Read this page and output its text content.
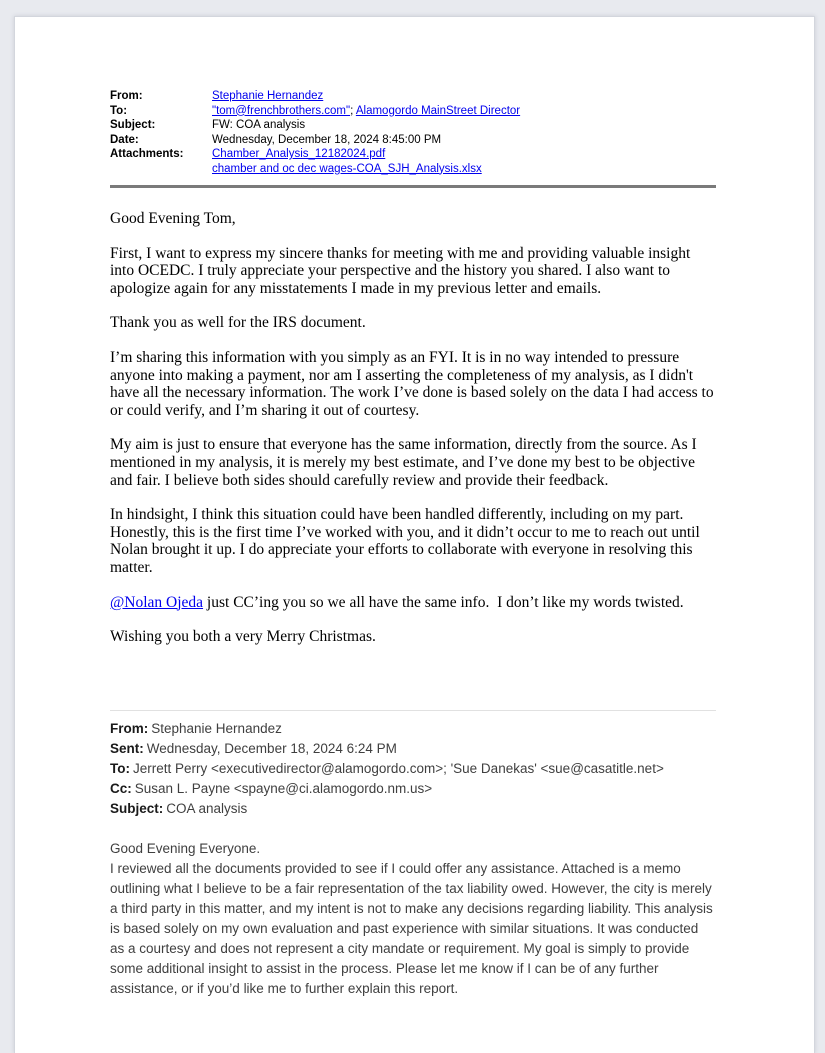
From:	Stephanie Hernandez
To:	"tom@frenchbrothers.com"; Alamogordo MainStreet Director
Subject:	FW: COA analysis
Date:	Wednesday, December 18, 2024 8:45:00 PM
Attachments:	Chamber_Analysis_12182024.pdf
chamber and oc dec wages-COA_SJH_Analysis.xlsx

Good Evening Tom,

First, I want to express my sincere thanks for meeting with me and providing valuable insight into OCEDC. I truly appreciate your perspective and the history you shared. I also want to apologize again for any misstatements I made in my previous letter and emails.

Thank you as well for the IRS document.

I’m sharing this information with you simply as an FYI. It is in no way intended to pressure anyone into making a payment, nor am I asserting the completeness of my analysis, as I didn't have all the necessary information. The work I’ve done is based solely on the data I had access to or could verify, and I’m sharing it out of courtesy.

My aim is just to ensure that everyone has the same information, directly from the source. As I mentioned in my analysis, it is merely my best estimate, and I’ve done my best to be objective and fair. I believe both sides should carefully review and provide their feedback.

In hindsight, I think this situation could have been handled differently, including on my part. Honestly, this is the first time I’ve worked with you, and it didn’t occur to me to reach out until Nolan brought it up. I do appreciate your efforts to collaborate with everyone in resolving this matter.

@Nolan Ojeda just CC’ing you so we all have the same info.  I don’t like my words twisted.

Wishing you both a very Merry Christmas.

From: Stephanie Hernandez
Sent: Wednesday, December 18, 2024 6:24 PM
To: Jerrett Perry <executivedirector@alamogordo.com>; 'Sue Danekas' <sue@casatitle.net>
Cc: Susan L. Payne <spayne@ci.alamogordo.nm.us>
Subject: COA analysis

Good Evening Everyone.

I reviewed all the documents provided to see if I could offer any assistance. Attached is a memo outlining what I believe to be a fair representation of the tax liability owed. However, the city is merely a third party in this matter, and my intent is not to make any decisions regarding liability. This analysis is based solely on my own evaluation and past experience with similar situations. It was conducted as a courtesy and does not represent a city mandate or requirement. My goal is simply to provide some additional insight to assist in the process. Please let me know if I can be of any further assistance, or if you’d like me to further explain this report.
